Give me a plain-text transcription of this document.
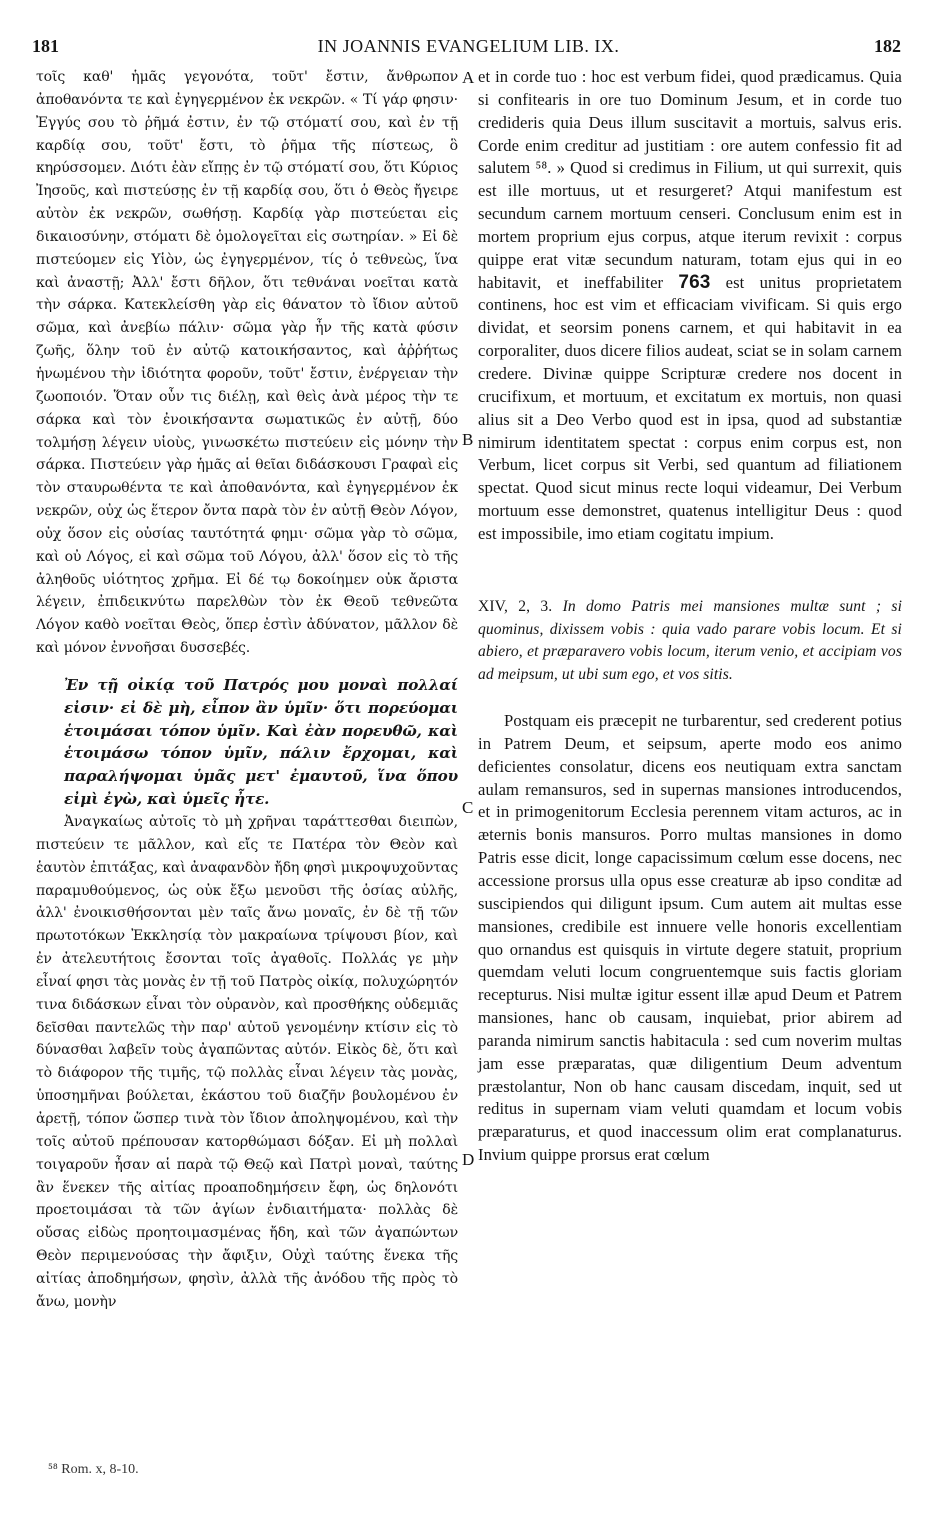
181	IN JOANNIS EVANGELIUM LIB. IX.	182

τοῖς καθ' ἡμᾶς γεγονότα, τοῦτ' ἔστιν, ἄνθρωπον ἀποθανόντα τε καὶ ἐγηγερμένον ἐκ νεκρῶν. « Τί γάρ φησιν· Ἐγγύς σου τὸ ῥῆμά ἐστιν, ἐν τῷ στόματί σου, καὶ ἐν τῇ καρδίᾳ σου, τοῦτ' ἔστι, τὸ ῥῆμα τῆς πίστεως, ὃ κηρύσσομεν. Διότι ἐὰν εἴπῃς ἐν τῷ στόματί σου, ὅτι Κύριος Ἰησοῦς, καὶ πιστεύσῃς ἐν τῇ καρδίᾳ σου, ὅτι ὁ Θεὸς ἤγειρε αὐτὸν ἐκ νεκρῶν, σωθήσῃ. Καρδίᾳ γὰρ πιστεύεται εἰς δικαιοσύνην, στόματι δὲ ὁμολογεῖται εἰς σωτηρίαν. » Εἰ δὲ πιστεύομεν εἰς Υἱὸν, ὡς ἐγηγερμένον, τίς ὁ τεθνεὼς, ἵνα καὶ ἀναστῇ; Ἀλλ' ἔστι δῆλον, ὅτι τεθνάναι νοεῖται κατὰ τὴν σάρκα. Κατεκλείσθη γὰρ εἰς θάνατον τὸ ἴδιον αὐτοῦ σῶμα, καὶ ἀνεβίω πάλιν· σῶμα γὰρ ἦν τῆς κατὰ φύσιν ζωῆς, ὅλην τοῦ ἐν αὐτῷ κατοικήσαντος, καὶ ἀῤῥήτως ἡνωμένου τὴν ἰδιότητα φοροῦν, τοῦτ' ἔστιν, ἐνέργειαν τὴν ζωοποιόν. Ὅταν οὖν τις διέλῃ, καὶ θεὶς ἀνὰ μέρος τὴν τε σάρκα καὶ τὸν ἐνοικήσαντα σωματικῶς ἐν αὐτῇ, δύο τολμήσῃ λέγειν υἱοὺς, γινωσκέτω πιστεύειν εἰς μόνην τὴν σάρκα. Πιστεύειν γὰρ ἡμᾶς αἱ θεῖαι διδάσκουσι Γραφαὶ εἰς τὸν σταυρωθέντα τε καὶ ἀποθανόντα, καὶ ἐγηγερμένον ἐκ νεκρῶν, οὐχ ὡς ἕτερον ὄντα παρὰ τὸν ἐν αὐτῇ Θεὸν Λόγον, οὐχ ὅσον εἰς οὐσίας ταυτότητά φημι· σῶμα γὰρ τὸ σῶμα, καὶ οὐ Λόγος, εἰ καὶ σῶμα τοῦ Λόγου, ἀλλ' ὅσον εἰς τὸ τῆς ἀληθοῦς υἱότητος χρῆμα. Εἰ δέ τῳ δοκοίημεν οὐκ ἄριστα λέγειν, ἐπιδεικνύτω παρελθὼν τὸν ἐκ Θεοῦ τεθνεῶτα Λόγον καθὸ νοεῖται Θεὸς, ὅπερ ἐστὶν ἀδύνατον, μᾶλλον δὲ καὶ μόνον ἐννοῆσαι δυσσεβές.

Ἐν τῇ οἰκίᾳ τοῦ Πατρός μου μοναὶ πολλαί εἰσιν· εἰ δὲ μὴ, εἶπον ἂν ὑμῖν· ὅτι πορεύομαι ἑτοιμάσαι τόπον ὑμῖν. Καὶ ἐὰν πορευθῶ, καὶ ἑτοιμάσω τόπον ὑμῖν, πάλιν ἔρχομαι, καὶ παραλήψομαι ὑμᾶς μετ' ἐμαυτοῦ, ἵνα ὅπου εἰμὶ ἐγὼ, καὶ ὑμεῖς ἦτε.

Ἀναγκαίως αὐτοῖς τὸ μὴ χρῆναι ταράττεσθαι διειπὼν, πιστεύειν τε μᾶλλον, καὶ εἴς τε Πατέρα τὸν Θεὸν καὶ ἑαυτὸν ἐπιτάξας, καὶ ἀναφανδὸν ἤδη φησὶ μικροψυχοῦντας παραμυθούμενος, ὡς οὐκ ἔξω μενοῦσι τῆς ὁσίας αὐλῆς, ἀλλ' ἐνοικισθήσονται μὲν ταῖς ἄνω μοναῖς, ἐν δὲ τῇ τῶν πρωτοτόκων Ἐκκλησίᾳ τὸν μακραίωνα τρίψουσι βίον, καὶ ἐν ἀτελευτήτοις ἔσονται τοῖς ἀγαθοῖς. Πολλάς γε μὴν εἶναί φησι τὰς μονὰς ἐν τῇ τοῦ Πατρὸς οἰκίᾳ, πολυχώρητόν τινα διδάσκων εἶναι τὸν οὐρανὸν, καὶ προσθήκης οὐδεμιᾶς δεῖσθαι παντελῶς τὴν παρ' αὐτοῦ γενομένην κτίσιν εἰς τὸ δύνασθαι λαβεῖν τοὺς ἀγαπῶντας αὐτόν. Εἰκὸς δὲ, ὅτι καὶ τὸ διάφορον τῆς τιμῆς, τῷ πολλὰς εἶναι λέγειν τὰς μονὰς, ὑποσημῆναι βούλεται, ἑκάστου τοῦ διαζῆν βουλομένου ἐν ἀρετῇ, τόπον ὥσπερ τινὰ τὸν ἴδιον ἀποληψομένου, καὶ τὴν τοῖς αὐτοῦ πρέπουσαν κατορθώμασι δόξαν. Εἰ μὴ πολλαὶ τοιγαροῦν ἦσαν αἱ παρὰ τῷ Θεῷ καὶ Πατρὶ μοναὶ, ταύτης ἂν ἕνεκεν τῆς αἰτίας προαποδημήσειν ἔφη, ὡς δηλονότι προετοιμάσαι τὰ τῶν ἁγίων ἐνδιαιτήματα· πολλὰς δὲ οὔσας εἰδὼς προητοιμασμένας ἤδη, καὶ τῶν ἀγαπώντων Θεὸν περιμενούσας τὴν ἄφιξιν, Οὐχὶ ταύτης ἕνεκα τῆς αἰτίας ἀποδημήσων, φησὶν, ἀλλὰ τῆς ἀνόδου τῆς πρὸς τὸ ἄνω, μονὴν

et in corde tuo : hoc est verbum fidei, quod prædicamus. Quia si confitearis in ore tuo Dominum Jesum, et in corde tuo credideris quia Deus illum suscitavit a mortuis, salvus eris. Corde enim creditur ad justitiam : ore autem confessio fit ad salutem ⁵⁸. » Quod si credimus in Filium, ut qui surrexit, quis est ille mortuus, ut et resurgeret? Atqui manifestum est secundum carnem mortuum censeri. Conclusum enim est in mortem proprium ejus corpus, atque iterum revixit : corpus quippe erat vitæ secundum naturam, totam ejus qui in eo habitavit, et ineffabiliter 763 est unitus proprietatem continens, hoc est vim et efficaciam vivificam. Si quis ergo dividat, et seorsim ponens carnem, et qui habitavit in ea corporaliter, duos dicere filios audeat, sciat se in solam carnem credere. Divinæ quippe Scripturæ credere nos docent in crucifixum, et mortuum, et excitatum ex mortuis, non quasi alius sit a Deo Verbo quod est in ipsa, quod ad substantiæ nimirum identitatem spectat : corpus enim corpus est, non Verbum, licet corpus sit Verbi, sed quantum ad filiationem spectat. Quod sicut minus recte loqui videamur, Dei Verbum mortuum esse demonstret, quatenus intelligitur Deus : quod est impossibile, imo etiam cogitatu impium.

XIV, 2, 3. In domo Patris mei mansiones multæ sunt ; si quominus, dixissem vobis : quia vado parare vobis locum. Et si abiero, et præparavero vobis locum, iterum venio, et accipiam vos ad meipsum, ut ubi sum ego, et vos sitis.

Postquam eis præcepit ne turbarentur, sed crederent potius in Patrem Deum, et seipsum, aperte modo eos animo deficientes consolatur, dicens eos neutiquam extra sanctam aulam remansuros, sed in supernas mansiones introducendos, et in primogenitorum Ecclesia perennem vitam acturos, ac in æternis bonis mansuros. Porro multas mansiones in domo Patris esse dicit, longe capacissimum cœlum esse docens, nec accessione prorsus ulla opus esse creaturæ ab ipso conditæ ad suscipiendos qui diligunt ipsum. Cum autem ait multas esse mansiones, credibile est innuere velle honoris excellentiam quo ornandus est quisquis in virtute degere statuit, proprium quemdam veluti locum congruentemque suis factis gloriam recepturus. Nisi multæ igitur essent illæ apud Deum et Patrem mansiones, hanc ob causam, inquiebat, prior abirem ad paranda nimirum sanctis habitacula : sed cum noverim multas jam esse præparatas, quæ diligentium Deum adventum præstolantur, Non ob hanc causam discedam, inquit, sed ut reditus in supernam viam veluti quamdam et locum vobis præparaturus, et quod inaccessum olim erat complanaturus. Invium quippe prorsus erat cœlum

A
B
C
D
⁵⁸ Rom. x, 8-10.
